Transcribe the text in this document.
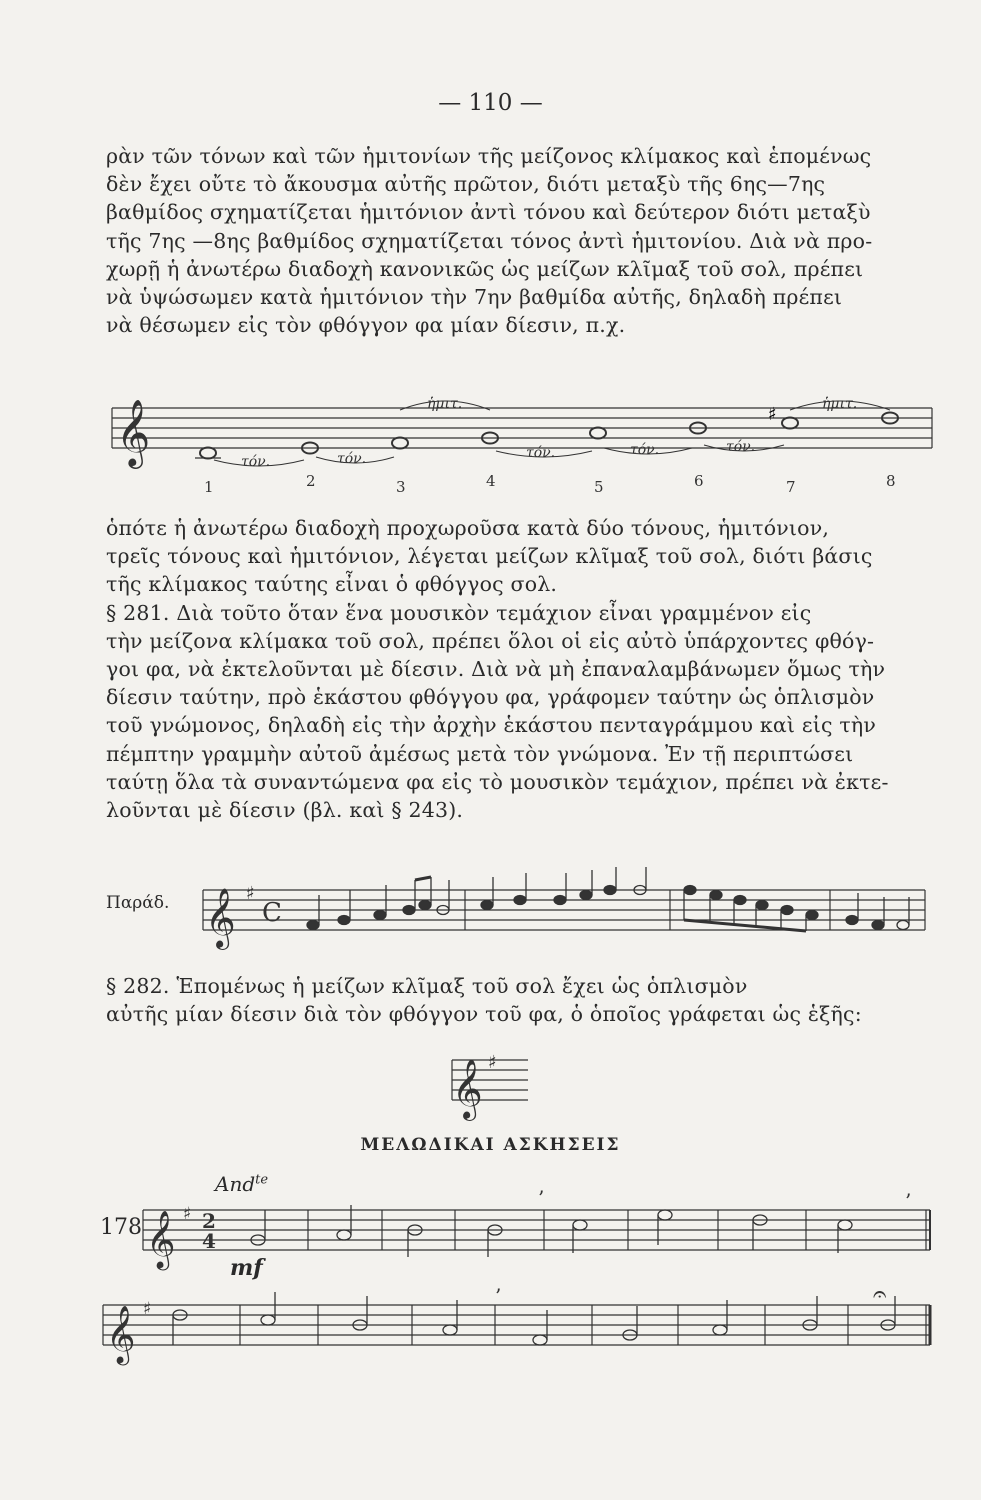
— 110 —
ρὰν τῶν τόνων καὶ τῶν ἡμιτονίων τῆς μείζονος κλίμακος καὶ ἑπομένως
δὲν ἔχει οὔτε τὸ ἄκουσμα αὐτῆς πρῶτον, διότι μεταξὺ τῆς 6ης—7ης
βαθμίδος σχηματίζεται ἡμιτόνιον ἀντὶ τόνου καὶ δεύτερον διότι μεταξὺ
τῆς 7ης —8ης βαθμίδος σχηματίζεται τόνος ἀντὶ ἡμιτονίου. Διὰ νὰ προ-
χωρῇ ἡ ἀνωτέρω διαδοχὴ κανονικῶς ὡς μείζων κλῖμαξ τοῦ σολ, πρέπει
νὰ ὑψώσωμεν κατὰ ἡμιτόνιον τὴν 7ην βαθμίδα αὐτῆς, δηλαδὴ πρέπει
νὰ θέσωμεν εἰς τὸν φθόγγον φα μίαν δίεσιν, π.χ.
𝄞	♯
1	2	3	4	5	6	7	8
τόν.	τόν.
ἡμιτ.
τόν.	τόν.	τόν.
ἡμιτ.
ὁπότε ἡ ἀνωτέρω διαδοχὴ προχωροῦσα κατὰ δύο τόνους, ἡμιτόνιον,
τρεῖς τόνους καὶ ἡμιτόνιον, λέγεται μείζων κλῖμαξ τοῦ σολ, διότι βάσις
τῆς κλίμακος ταύτης εἶναι ὁ φθόγγος σολ.
§ 281. Διὰ τοῦτο ὅταν ἕνα μουσικὸν τεμάχιον εἶναι γραμμένον εἰς
τὴν μείζονα κλίμακα τοῦ σολ, πρέπει ὅλοι οἱ εἰς αὐτὸ ὑπάρχοντες φθόγ-
γοι φα, νὰ ἐκτελοῦνται μὲ δίεσιν. Διὰ νὰ μὴ ἐπαναλαμβάνωμεν ὅμως τὴν
δίεσιν ταύτην, πρὸ ἑκάστου φθόγγου φα, γράφομεν ταύτην ὡς ὁπλισμὸν
τοῦ γνώμονος, δηλαδὴ εἰς τὴν ἀρχὴν ἑκάστου πενταγράμμου καὶ εἰς τὴν
πέμπτην γραμμὴν αὐτοῦ ἀμέσως μετὰ τὸν γνώμονα. Ἐν τῇ περιπτώσει
ταύτῃ ὅλα τὰ συναντώμενα φα εἰς τὸ μουσικὸν τεμάχιον, πρέπει νὰ ἐκτε-
λοῦνται μὲ δίεσιν (βλ. καὶ § 243).
Παράδ. 𝄞 ♯
C
§ 282. Ἑπομένως ἡ μείζων κλῖμαξ τοῦ σολ ἔχει ὡς ὁπλισμὸν
αὐτῆς μίαν δίεσιν διὰ τὸν φθόγγον τοῦ φα, ὁ ὁποῖος γράφεται ὡς ἑξῆς:
𝄞 ♯
ΜΕΛΩΔΙΚΑΙ ΑΣΚΗΣΕΙΣ
178
And$^{te}$
mf
𝄞 ♯ 2
4
’	’
𝄞 ♯
’	𝄐
